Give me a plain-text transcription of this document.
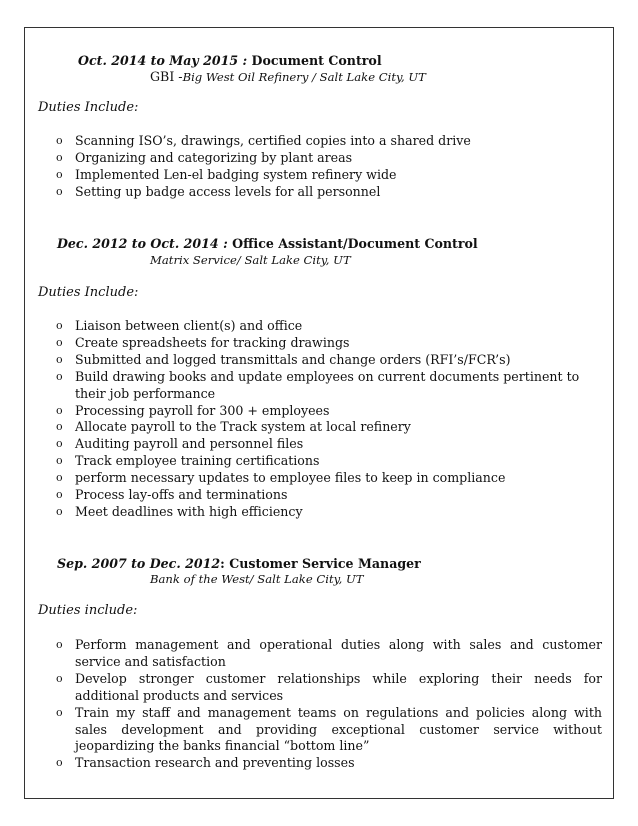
Oct. 2014 to May 2015 : Document Control
GBI -Big West Oil Refinery / Salt Lake City, UT
Duties Include:
o Scanning ISO’s, drawings, certified copies into a shared drive
o Organizing and categorizing by plant areas
o Implemented Len-el badging system refinery wide
o Setting up badge access levels for all personnel
Dec. 2012 to Oct. 2014 : Office Assistant/Document Control
Matrix Service/ Salt Lake City, UT
Duties Include:
o Liaison between client(s) and office
o Create spreadsheets for tracking drawings
o Submitted and logged transmittals and change orders (RFI’s/FCR’s)
o Build drawing books and update employees on current documents pertinent to their job performance
o Processing payroll for 300 + employees
o Allocate payroll to the Track system at local refinery
o Auditing payroll and personnel files
o Track employee training certifications
o perform necessary updates to employee files to keep in compliance
o Process lay-offs and terminations
o Meet deadlines with high efficiency
Sep. 2007 to Dec. 2012: Customer Service Manager
Bank of the West/ Salt Lake City, UT
Duties include:
o Perform management and operational duties along with sales and customer service and satisfaction
o Develop stronger customer relationships while exploring their needs for additional products and services
o Train my staff and management teams on regulations and policies along with sales development and providing exceptional customer service without jeopardizing the banks financial “bottom line”
o Transaction research and preventing losses
